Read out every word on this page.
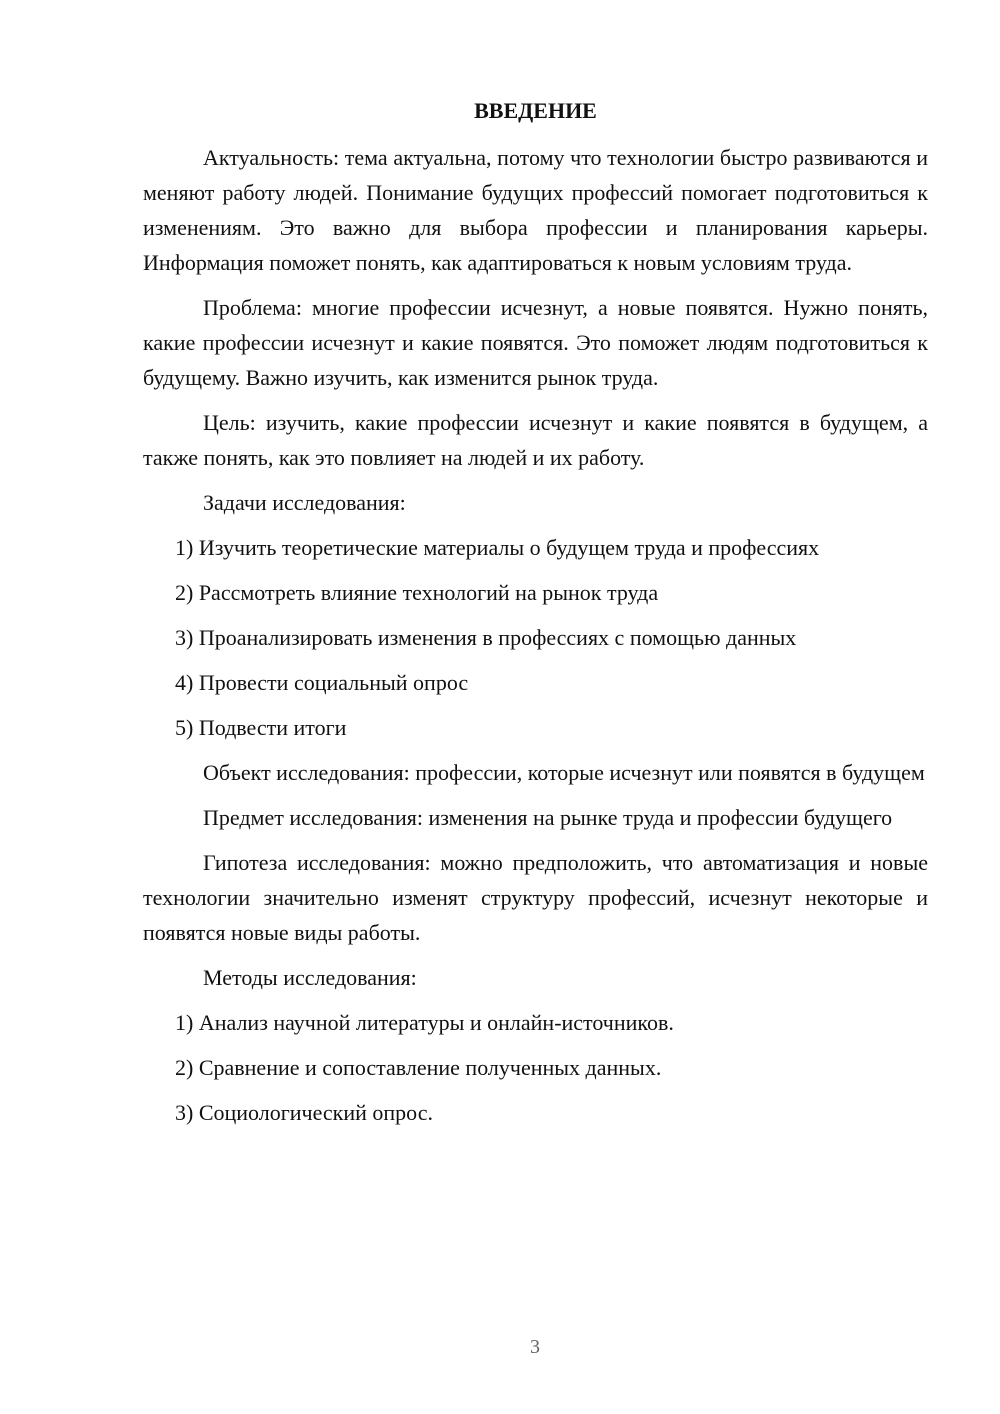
ВВЕДЕНИЕ

Актуальность: тема актуальна, потому что технологии быстро развиваются и меняют работу людей. Понимание будущих профессий помогает подготовиться к изменениям. Это важно для выбора профессии и планирования карьеры. Информация поможет понять, как адаптироваться к новым условиям труда.

Проблема: многие профессии исчезнут, а новые появятся. Нужно понять, какие профессии исчезнут и какие появятся. Это поможет людям подготовиться к будущему. Важно изучить, как изменится рынок труда.

Цель: изучить, какие профессии исчезнут и какие появятся в будущем, а также понять, как это повлияет на людей и их работу.

Задачи исследования:

1) Изучить теоретические материалы о будущем труда и профессиях
2) Рассмотреть влияние технологий на рынок труда
3) Проанализировать изменения в профессиях с помощью данных
4) Провести социальный опрос
5) Подвести итоги

Объект исследования: профессии, которые исчезнут или появятся в будущем

Предмет исследования: изменения на рынке труда и профессии будущего

Гипотеза исследования: можно предположить, что автоматизация и новые технологии значительно изменят структуру профессий, исчезнут некоторые и появятся новые виды работы.

Методы исследования:

1) Анализ научной литературы и онлайн-источников.
2) Сравнение и сопоставление полученных данных.
3) Социологический опрос.
3
